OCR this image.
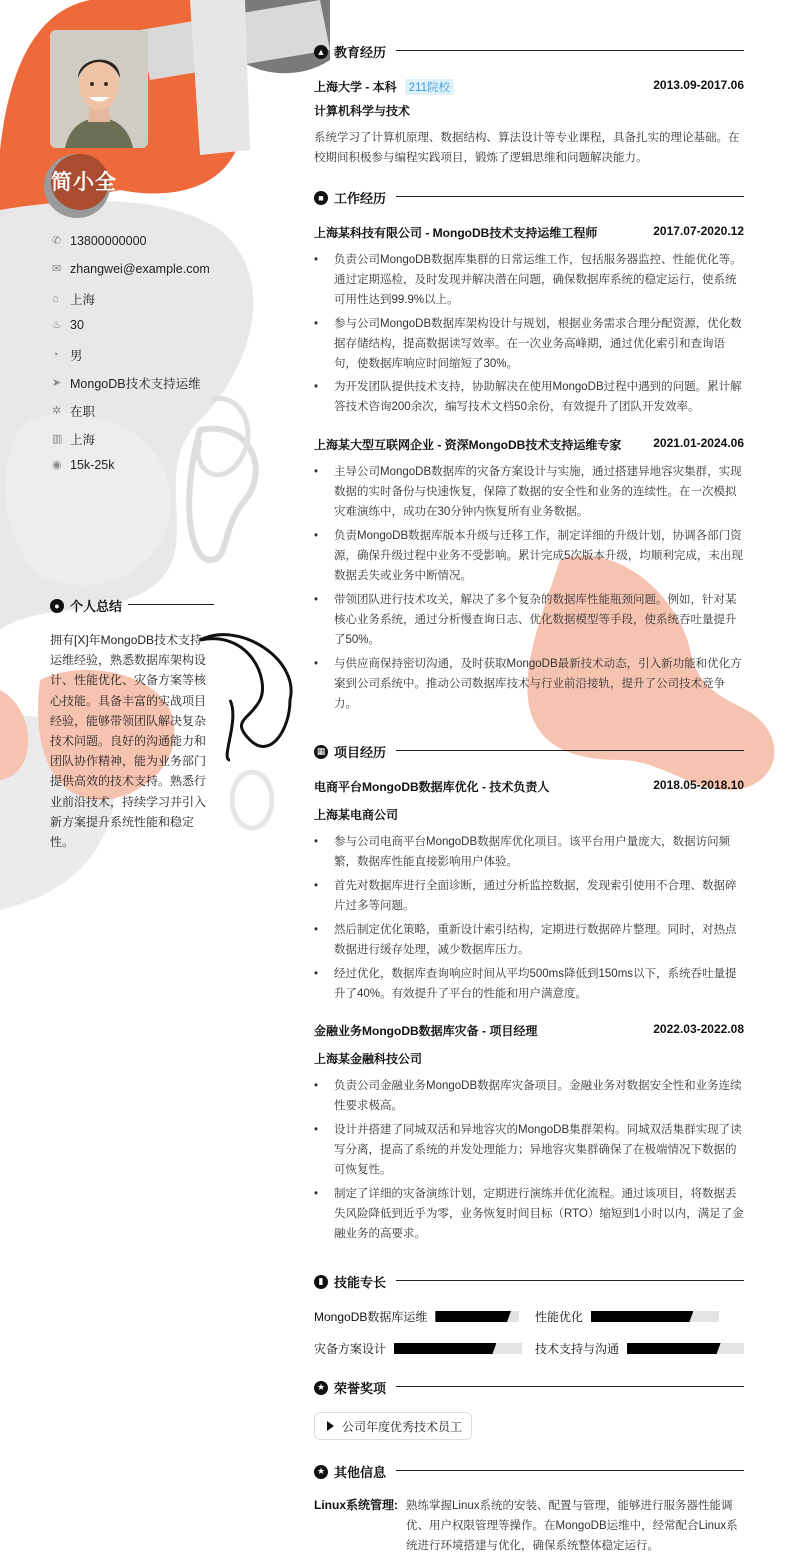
简小全
✆ 13800000000
✉ zhangwei@example.com
⌂ 上海
♨ 30
◔ 男
➤ MongoDB技术支持运维
✲ 在职
▥ 上海
◉ 15k-25k
● 个人总结
拥有[X]年MongoDB技术支持运维经验，熟悉数据库架构设计、性能优化、灾备方案等核心技能。具备丰富的实战项目经验，能够带领团队解决复杂技术问题。良好的沟通能力和团队协作精神，能为业务部门提供高效的技术支持。熟悉行业前沿技术，持续学习并引入新方案提升系统性能和稳定性。
▲ 教育经历
上海大学 - 本科 211院校	2013.09-2017.06
计算机科学与技术
系统学习了计算机原理、数据结构、算法设计等专业课程，具备扎实的理论基础。在校期间积极参与编程实践项目，锻炼了逻辑思维和问题解决能力。
■ 工作经历
上海某科技有限公司 - MongoDB技术支持运维工程师	2017.07-2020.12
• 负责公司MongoDB数据库集群的日常运维工作，包括服务器监控、性能优化等。通过定期巡检，及时发现并解决潜在问题，确保数据库系统的稳定运行，使系统可用性达到99.9%以上。
• 参与公司MongoDB数据库架构设计与规划，根据业务需求合理分配资源，优化数据存储结构，提高数据读写效率。在一次业务高峰期，通过优化索引和查询语句，使数据库响应时间缩短了30%。
• 为开发团队提供技术支持，协助解决在使用MongoDB过程中遇到的问题。累计解答技术咨询200余次，编写技术文档50余份，有效提升了团队开发效率。
上海某大型互联网企业 - 资深MongoDB技术支持运维专家	2021.01-2024.06
• 主导公司MongoDB数据库的灾备方案设计与实施，通过搭建异地容灾集群，实现数据的实时备份与快速恢复，保障了数据的安全性和业务的连续性。在一次模拟灾难演练中，成功在30分钟内恢复所有业务数据。
• 负责MongoDB数据库版本升级与迁移工作，制定详细的升级计划，协调各部门资源，确保升级过程中业务不受影响。累计完成5次版本升级，均顺利完成，未出现数据丢失或业务中断情况。
• 带领团队进行技术攻关，解决了多个复杂的数据库性能瓶颈问题。例如，针对某核心业务系统，通过分析慢查询日志、优化数据模型等手段，使系统吞吐量提升了50%。
• 与供应商保持密切沟通，及时获取MongoDB最新技术动态，引入新功能和优化方案到公司系统中。推动公司数据库技术与行业前沿接轨，提升了公司技术竞争力。
▦ 项目经历
电商平台MongoDB数据库优化 - 技术负责人	2018.05-2018.10
上海某电商公司
• 参与公司电商平台MongoDB数据库优化项目。该平台用户量庞大，数据访问频繁，数据库性能直接影响用户体验。
• 首先对数据库进行全面诊断，通过分析监控数据，发现索引使用不合理、数据碎片过多等问题。
• 然后制定优化策略，重新设计索引结构，定期进行数据碎片整理。同时，对热点数据进行缓存处理，减少数据库压力。
• 经过优化，数据库查询响应时间从平均500ms降低到150ms以下，系统吞吐量提升了40%。有效提升了平台的性能和用户满意度。
金融业务MongoDB数据库灾备 - 项目经理	2022.03-2022.08
上海某金融科技公司
• 负责公司金融业务MongoDB数据库灾备项目。金融业务对数据安全性和业务连续性要求极高。
• 设计并搭建了同城双活和异地容灾的MongoDB集群架构。同城双活集群实现了读写分离，提高了系统的并发处理能力；异地容灾集群确保了在极端情况下数据的可恢复性。
• 制定了详细的灾备演练计划，定期进行演练并优化流程。通过该项目，将数据丢失风险降低到近乎为零，业务恢复时间目标（RTO）缩短到1小时以内，满足了金融业务的高要求。
▮ 技能专长
MongoDB数据库运维	性能优化
灾备方案设计	技术支持与沟通
★ 荣誉奖项
公司年度优秀技术员工
★ 其他信息
Linux系统管理: 熟练掌握Linux系统的安装、配置与管理，能够进行服务器性能调优、用户权限管理等操作。在MongoDB运维中，经常配合Linux系统进行环境搭建与优化，确保系统整体稳定运行。
